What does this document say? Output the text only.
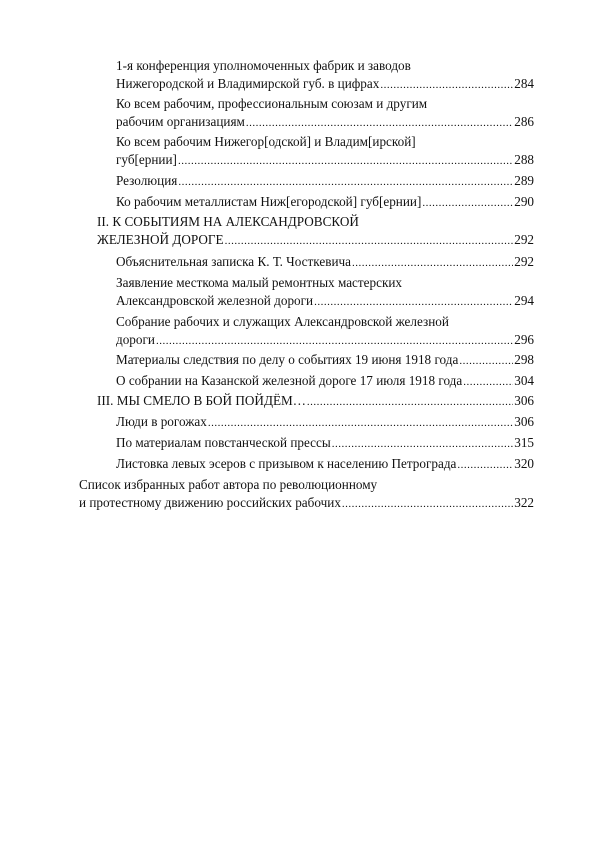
1-я конференция уполномоченных фабрик и заводов
Нижегородской и Владимирской губ. в цифрах .....	284
Ко всем рабочим, профессиональным союзам и другим
рабочим организациям .....	286
Ко всем рабочим Нижегор[одской] и Владим[ирской]
губ[ернии] .....	288
Резолюция .....	289
Ко рабочим металлистам Ниж[егородской] губ[ернии] .....	290
II. К СОБЫТИЯМ НА АЛЕКСАНДРОВСКОЙ
ЖЕЛЕЗНОЙ ДОРОГЕ .....	292
Объяснительная записка К. Т. Чосткевича .....	292
Заявление месткома малый ремонтных мастерских
Александровской железной дороги .....	294
Собрание рабочих и служащих Александровской железной
дороги .....	296
Материалы следствия по делу о событиях 19 июня 1918 года .....	298
О собрании на Казанской железной дороге 17 июля 1918 года .....	304
III. МЫ СМЕЛО В БОЙ ПОЙДЁМ… .....	306
Люди в рогожах .....	306
По материалам повстанческой прессы .....	315
Листовка левых эсеров с призывом к населению Петрограда .....	320
Список избранных работ автора по революционному
и протестному движению российских рабочих .....	322
